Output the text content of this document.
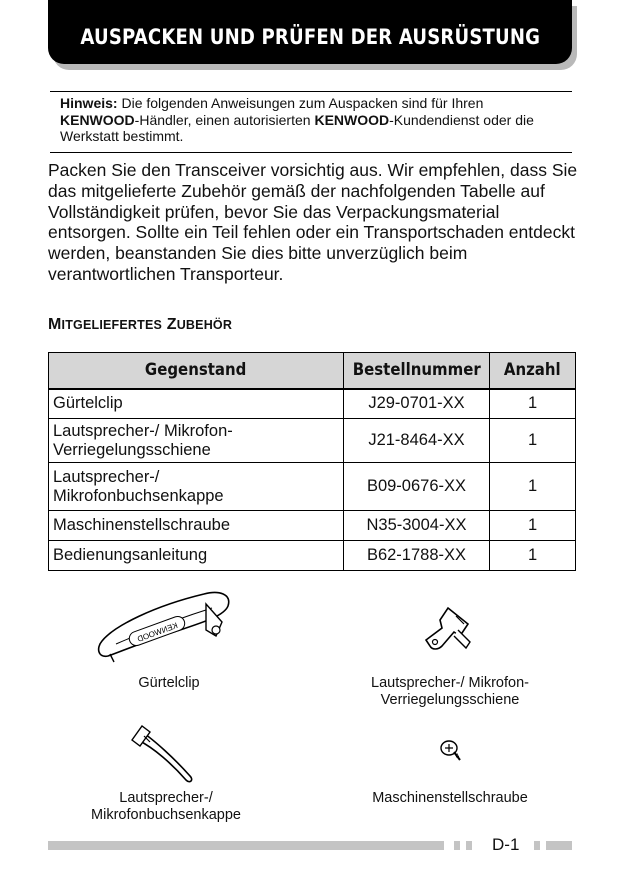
AUSPACKEN UND PRÜFEN DER AUSRÜSTUNG
Hinweis: Die folgenden Anweisungen zum Auspacken sind für Ihren KENWOOD-Händler, einen autorisierten KENWOOD-Kundendienst oder die Werkstatt bestimmt.

Packen Sie den Transceiver vorsichtig aus. Wir empfehlen, dass Sie das mitgelieferte Zubehör gemäß der nachfolgenden Tabelle auf Vollständigkeit prüfen, bevor Sie das Verpackungsmaterial entsorgen. Sollte ein Teil fehlen oder ein Transportschaden entdeckt werden, beanstanden Sie dies bitte unverzüglich beim verantwortlichen Transporteur.

MITGELIEFERTES ZUBEHÖR
Gegenstand	Bestellnummer	Anzahl
Gürtelclip	J29-0701-XX	1
Lautsprecher-/ Mikrofon-
Verriegelungsschiene	J21-8464-XX	1
Lautsprecher-/
Mikrofonbuchsenkappe	B09-0676-XX	1
Maschinenstellschraube	N35-3004-XX	1
Bedienungsanleitung	B62-1788-XX	1
KENWOOD
Gürtelclip	Lautsprecher-/ Mikrofon-
Verriegelungsschiene
Lautsprecher-/
Mikrofonbuchsenkappe
Maschinenstellschraube
D-1
